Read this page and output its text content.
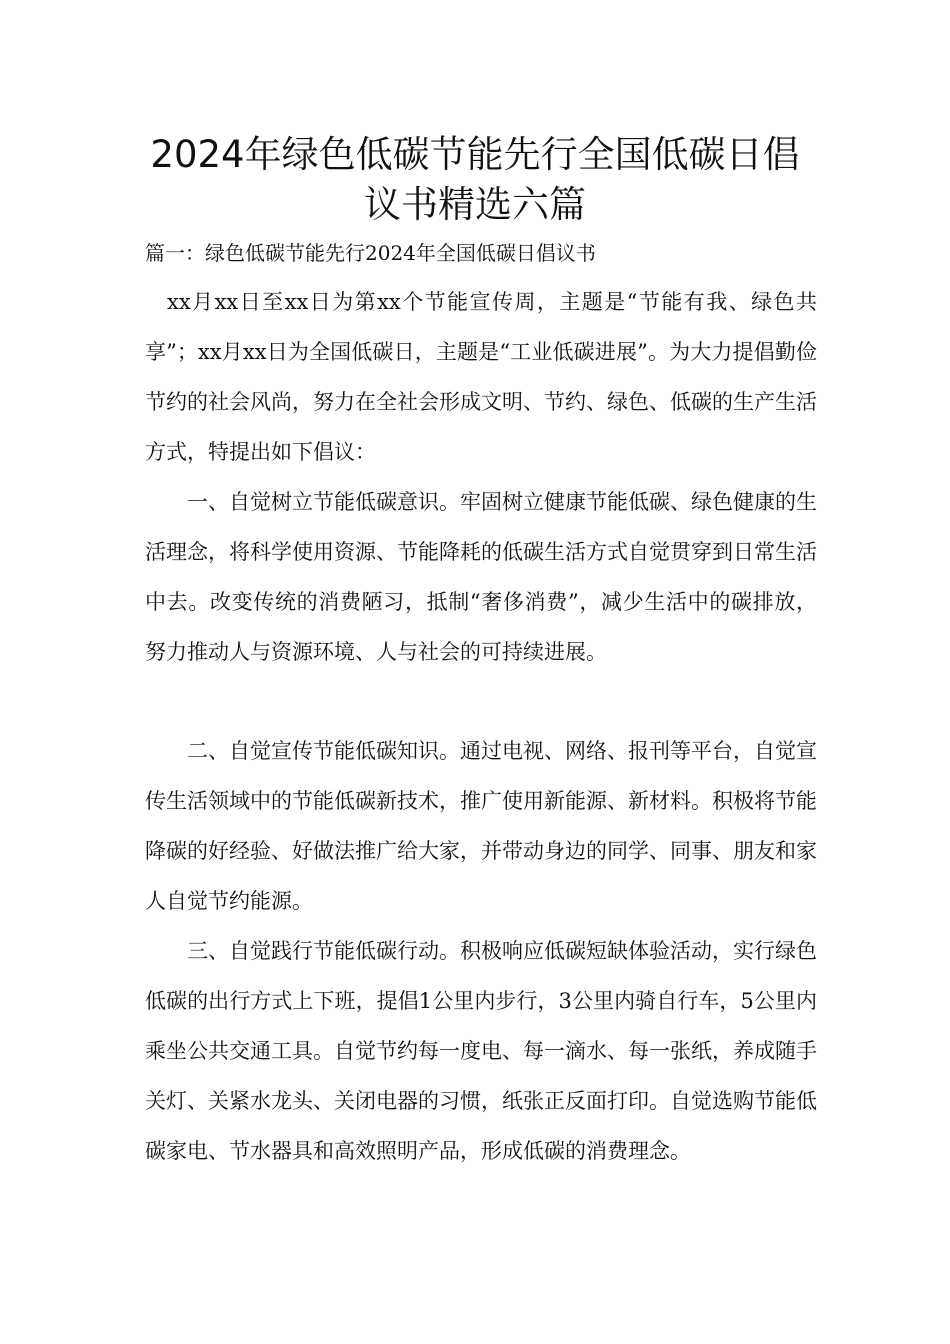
2024年绿色低碳节能先行全国低碳日倡
议书精选六篇

篇一：绿色低碳节能先行2024年全国低碳日倡议书

xx月xx日至xx日为第xx个节能宣传周，主题是“节能有我、绿色共享”；xx月xx日为全国低碳日，主题是“工业低碳进展”。为大力提倡勤俭节约的社会风尚，努力在全社会形成文明、节约、绿色、低碳的生产生活方式，特提出如下倡议：

一、自觉树立节能低碳意识。牢固树立健康节能低碳、绿色健康的生活理念，将科学使用资源、节能降耗的低碳生活方式自觉贯穿到日常生活中去。改变传统的消费陋习，抵制“奢侈消费”，减少生活中的碳排放，努力推动人与资源环境、人与社会的可持续进展。

二、自觉宣传节能低碳知识。通过电视、网络、报刊等平台，自觉宣传生活领域中的节能低碳新技术，推广使用新能源、新材料。积极将节能降碳的好经验、好做法推广给大家，并带动身边的同学、同事、朋友和家人自觉节约能源。

三、自觉践行节能低碳行动。积极响应低碳短缺体验活动，实行绿色低碳的出行方式上下班，提倡1公里内步行，3公里内骑自行车，5公里内乘坐公共交通工具。自觉节约每一度电、每一滴水、每一张纸，养成随手关灯、关紧水龙头、关闭电器的习惯，纸张正反面打印。自觉选购节能低碳家电、节水器具和高效照明产品，形成低碳的消费理念。
